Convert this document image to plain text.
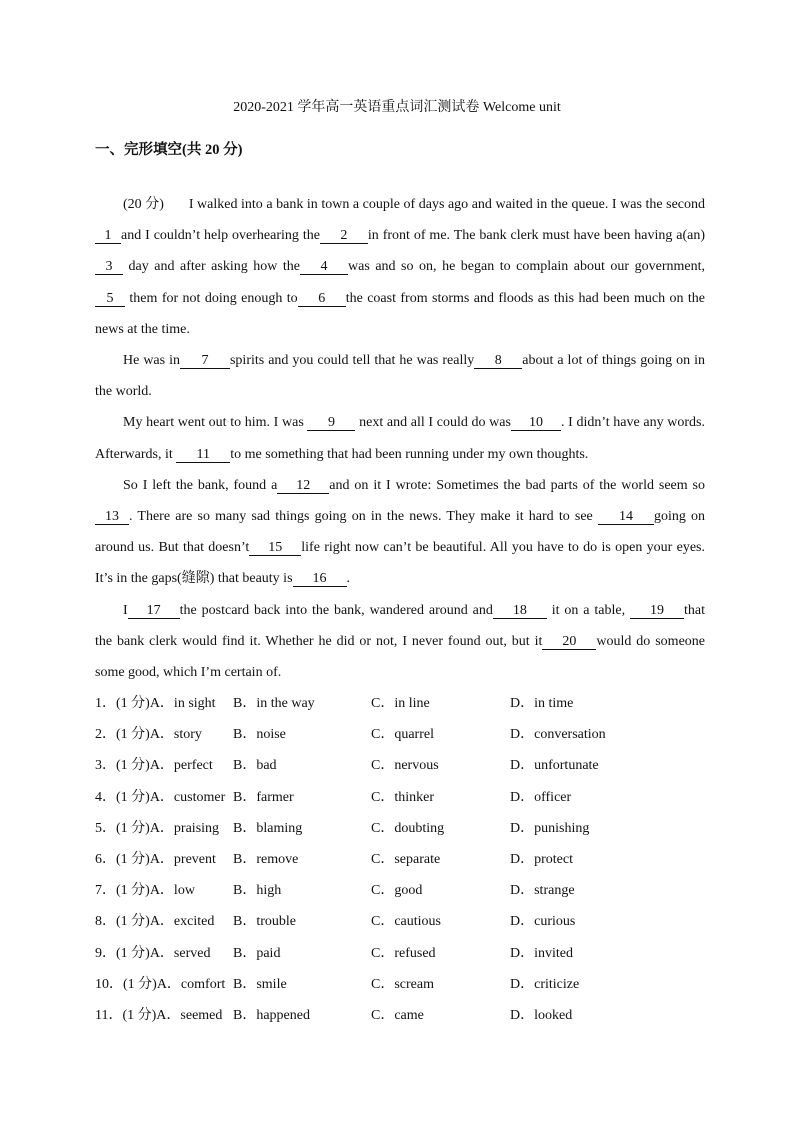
2020-2021 学年高一英语重点词汇测试卷 Welcome unit
一、完形填空(共 20 分)

(20 分) I walked into a bank in town a couple of days ago and waited in the queue. I was the second 1 and I couldn’t help overhearing the 2 in front of me. The bank clerk must have been having a(an) 3 day and after asking how the 4 was and so on, he began to complain about our government, 5 them for not doing enough to 6 the coast from storms and floods as this had been much on the news at the time.

He was in 7 spirits and you could tell that he was really 8 about a lot of things going on in the world.

My heart went out to him. I was 9 next and all I could do was 10 . I didn’t have any words. Afterwards, it 11 to me something that had been running under my own thoughts.

So I left the bank, found a 12 and on it I wrote: Sometimes the bad parts of the world seem so13 . There are so many sad things going on in the news. They make it hard to see 14 going on around us. But that doesn’t 15 life right now can’t be beautiful. All you have to do is open your eyes. It’s in the gaps(缝隙) that beauty is 16 .

I 17 the postcard back into the bank, wandered around and 18 it on a table, 19 that the bank clerk would find it. Whether he did or not, I never found out, but it 20 would do someone some good, which I’m certain of.

1．(1 分)A．in sight B．in the way	C．in line	D．in time
2．(1 分)A．story B．noise	C．quarrel	D．conversation
3．(1 分)A．perfect B．bad	C．nervous	D．unfortunate
4．(1 分)A．customer B．farmer	C．thinker	D．officer
5．(1 分)A．praising B．blaming	C．doubting	D．punishing
6．(1 分)A．prevent B．remove	C．separate	D．protect
7．(1 分)A．low	B．high	C．good	D．strange
8．(1 分)A．excited B．trouble	C．cautious	D．curious
9．(1 分)A．served B．paid	C．refused	D．invited
10．(1 分)A．comfort B．smile	C．scream	D．criticize
11．(1 分)A．seemed B．happened	C．came	D．looked
